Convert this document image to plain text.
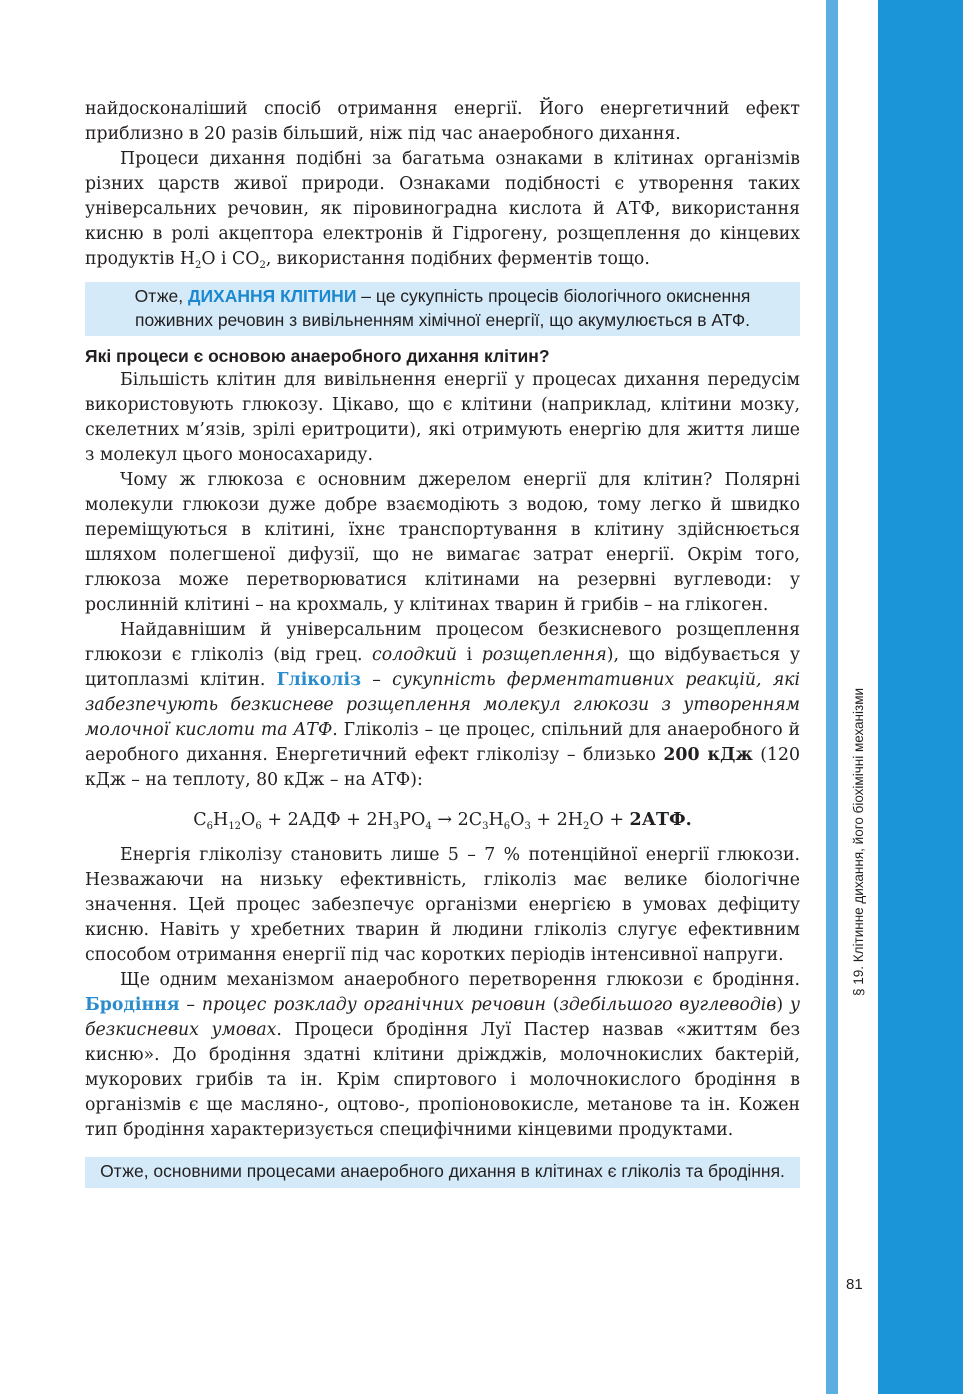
§ 19. Клітинне дихання, його біохімічні механізми
81

найдосконаліший спосіб отримання енергії. Його енергетичний ефект приблизно в 20 разів більший, ніж під час анаеробного дихання.

Процеси дихання подібні за багатьма ознаками в клітинах організмів різних царств живої природи. Ознаками подібності є утворення таких універсальних речовин, як піровиноградна кислота й АТФ, використання кисню в ролі акцептора електронів й Гідрогену, розщеплення до кінцевих продуктів $H_2O$ і $CO_2$, використання подібних ферментів тощо.

Отже, ДИХАННЯ КЛІТИНИ – це сукупність процесів біологічного окиснення поживних речовин з вивільненням хімічної енергії, що акумулюється в АТФ.
Які процеси є основою анаеробного дихання клітин?

Більшість клітин для вивільнення енергії у процесах дихання передусім використовують глюкозу. Цікаво, що є клітини (наприклад, клітини мозку, скелетних м’язів, зрілі еритроцити), які отримують енергію для життя лише з молекул цього моносахариду.

Чому ж глюкоза є основним джерелом енергії для клітин? Полярні молекули глюкози дуже добре взаємодіють з водою, тому легко й швидко переміщуються в клітині, їхнє транспортування в клітину здійснюється шляхом полегшеної дифузії, що не вимагає затрат енергії. Окрім того, глюкоза може перетворюватися клітинами на резервні вуглеводи: у рослинній клітині – на крохмаль, у клітинах тварин й грибів – на глікоген.

Найдавнішим й універсальним процесом безкисневого розщеплення глюкози є гліколіз (від грец. солодкий і розщеплення), що відбувається у цитоплазмі клітин. Гліколіз – сукупність ферментативних реакцій, які забезпечують безкисневе розщеплення молекул глюкози з утворенням молочної кислоти та АТФ. Гліколіз – це процес, спільний для анаеробного й аеробного дихання. Енергетичний ефект гліколізу – близько 200 кДж (120 кДж – на теплоту, 80 кДж – на АТФ):

$C_6H_{12}O_6 + 2АДФ + 2H_3PO_4 \to 2C_3H_6O_3 + 2H_2O + 2АТФ$.

Енергія гліколізу становить лише 5 – 7 % потенційної енергії глюкози. Незважаючи на низьку ефективність, гліколіз має велике біологічне значення. Цей процес забезпечує організми енергією в умовах дефіциту кисню. Навіть у хребетних тварин й людини гліколіз слугує ефективним способом отримання енергії під час коротких періодів інтенсивної напруги.

Ще одним механізмом анаеробного перетворення глюкози є бродіння. Бродіння – процес розкладу органічних речовин (здебільшого вуглеводів) у безкисневих умовах. Процеси бродіння Луї Пастер назвав «життям без кисню». До бродіння здатні клітини дріжджів, молочнокислих бактерій, мукорових грибів та ін. Крім спиртового і молочнокислого бродіння в організмів є ще масляно-, оцтово-, пропіоновокисле, метанове та ін. Кожен тип бродіння характеризується специфічними кінцевими продуктами.

Отже, основними процесами анаеробного дихання в клітинах є гліколіз та бродіння.
